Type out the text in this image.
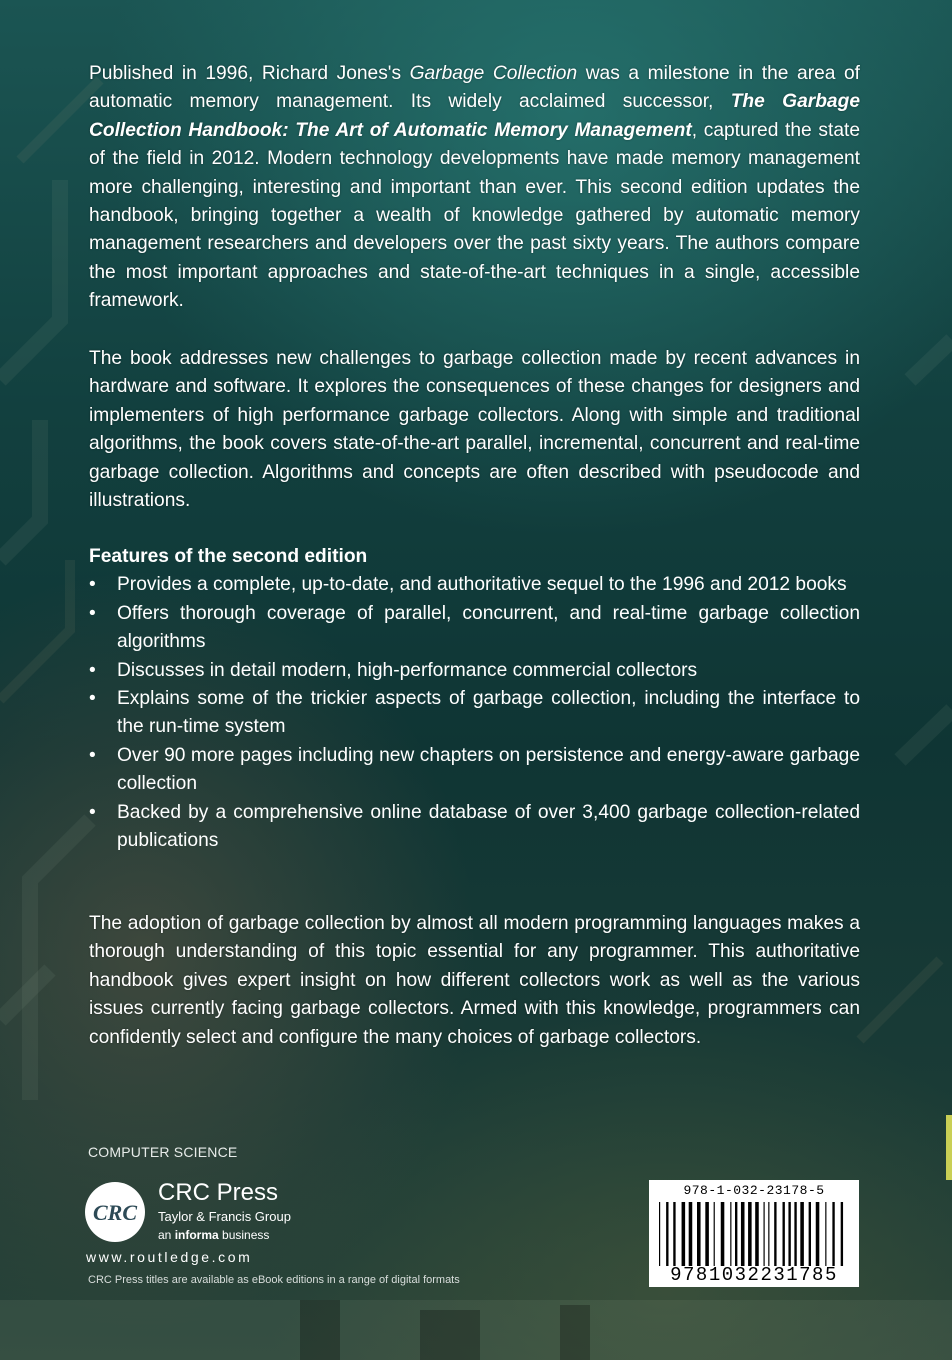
Published in 1996, Richard Jones's Garbage Collection was a milestone in the area of automatic memory management. Its widely acclaimed successor, The Garbage Collection Handbook: The Art of Automatic Memory Management, captured the state of the field in 2012. Modern technology developments have made memory management more challenging, interesting and important than ever. This second edition updates the handbook, bringing together a wealth of knowledge gathered by automatic memory management researchers and developers over the past sixty years. The authors compare the most important approaches and state-of-the-art techniques in a single, accessible framework.

The book addresses new challenges to garbage collection made by recent advances in hardware and software. It explores the consequences of these changes for designers and implementers of high performance garbage collectors. Along with simple and traditional algorithms, the book covers state-of-the-art parallel, incremental, concurrent and real-time garbage collection. Algorithms and concepts are often described with pseudocode and illustrations.

Features of the second edition

• Provides a complete, up-to-date, and authoritative sequel to the 1996 and 2012 books
• Offers thorough coverage of parallel, concurrent, and real-time garbage collection algorithms
• Discusses in detail modern, high-performance commercial collectors
• Explains some of the trickier aspects of garbage collection, including the interface to the run-time system
• Over 90 more pages including new chapters on persistence and energy-aware garbage collection
• Backed by a comprehensive online database of over 3,400 garbage collection-related publications

The adoption of garbage collection by almost all modern programming languages makes a thorough understanding of this topic essential for any programmer. This authoritative handbook gives expert insight on how different collectors work as well as the various issues currently facing garbage collectors. Armed with this knowledge, programmers can confidently select and configure the many choices of garbage collectors.

COMPUTER SCIENCE
CRC
CRC Press
Taylor & Francis Group
an informa business
www.routledge.com
CRC Press titles are available as eBook editions in a range of digital formats
978-1-032-23178-5
9781032231785
